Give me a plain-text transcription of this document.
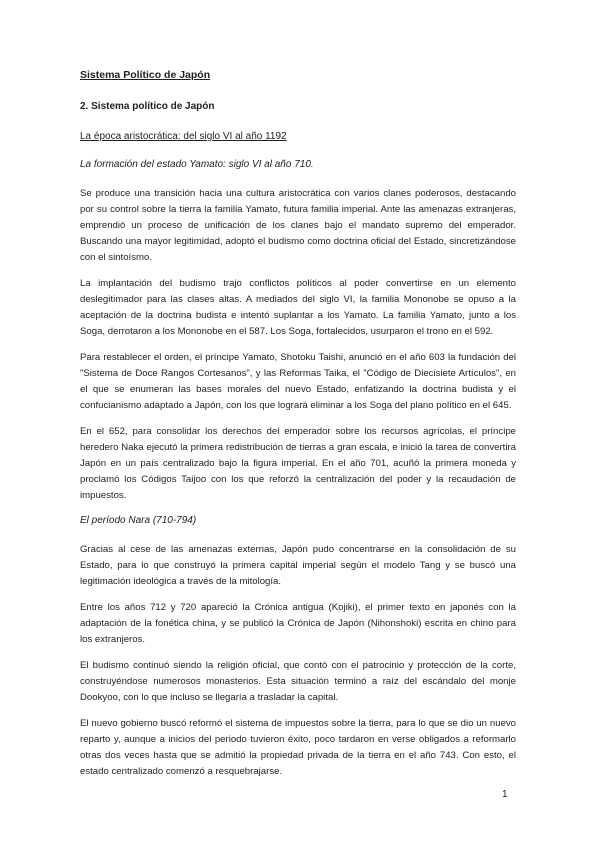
Sistema Político de Japón
2. Sistema político de Japón
La época aristocrática: del siglo VI al año 1192
La formación del estado Yamato: siglo VI al año 710.

Se produce una transición hacia una cultura aristocrática con varios clanes poderosos, destacando por su control sobre la tierra la familia Yamato, futura familia imperial. Ante las amenazas extranjeras, emprendió un proceso de unificación de los clanes bajo el mandato supremo del emperador. Buscando una mayor legitimidad, adoptó el budismo como doctrina oficial del Estado, sincretizándose con el sintoísmo.

La implantación del budismo trajo conflictos políticos al poder convertirse en un elemento deslegitimador para las clases altas. A mediados del siglo VI, la familia Mononobe se opuso a la aceptación de la doctrina budista e intentó suplantar a los Yamato. La familia Yamato, junto a los Soga, derrotaron a los Mononobe en el 587. Los Soga, fortalecidos, usurparon el trono en el 592.

Para restablecer el orden, el príncipe Yamato, Shotoku Taishi, anunció en el año 603 la fundación del "Sistema de Doce Rangos Cortesanos", y las Reformas Taika, el "Código de Diecisiete Artículos", en el que se enumeran las bases morales del nuevo Estado, enfatizando la doctrina budista y el confucianismo adaptado a Japón, con los que logrará eliminar a los Soga del plano político en el 645.

En el 652, para consolidar los derechos del emperador sobre los recursos agrícolas, el príncipe heredero Naka ejecutó la primera redistribución de tierras a gran escala, e inició la tarea de convertira Japón en un país centralizado bajo la figura imperial. En el año 701, acuñó la primera moneda y proclamó los Códigos Taijoo con los que reforzó la centralización del poder y la recaudación de impuestos.

El período Nara (710-794)

Gracias al cese de las amenazas externas, Japón pudo concentrarse en la consolidación de su Estado, para lo que construyó la primera capital imperial según el modelo Tang y se buscó una legitimación ideológica a través de la mitología.

Entre los años 712 y 720 apareció la Crónica antigua (Kojiki), el primer texto en japonés con la adaptación de la fonética china, y se publicó la Crónica de Japón (Nihonshoki) escrita en chino para los extranjeros.

El budismo continuó siendo la religión oficial, que contó con el patrocinio y protección de la corte, construyéndose numerosos monasterios. Esta situación terminó a raíz del escándalo del monje Dookyoo, con lo que incluso se llegaría a trasladar la capital.

El nuevo gobierno buscó reformó el sistema de impuestos sobre la tierra, para lo que se dio un nuevo reparto y, aunque a inicios del periodo tuvieron éxito, poco tardaron en verse obligados a reformarlo otras dos veces hasta que se admitió la propiedad privada de la tierra en el año 743. Con esto, el estado centralizado comenzó a resquebrajarse.

1
